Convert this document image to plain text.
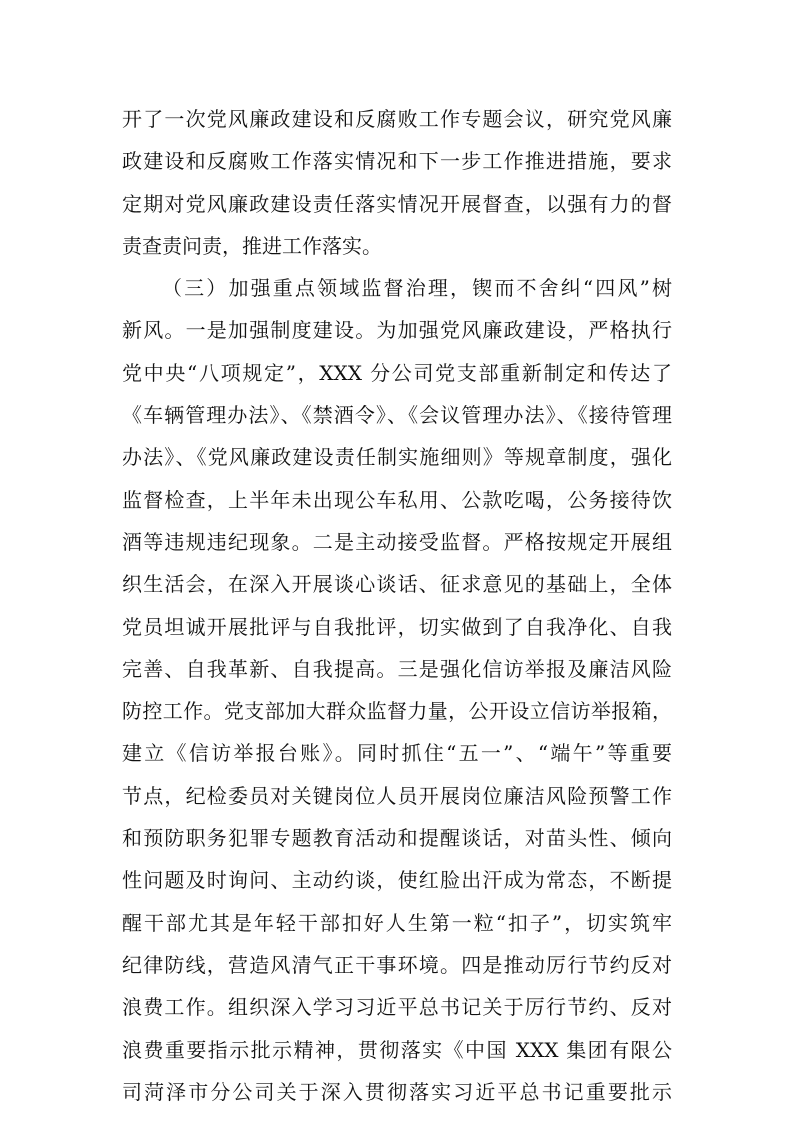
开了一次党风廉政建设和反腐败工作专题会议，研究党风廉
政建设和反腐败工作落实情况和下一步工作推进措施，要求
定期对党风廉政建设责任落实情况开展督查，以强有力的督
责查责问责，推进工作落实。
（三）加强重点领域监督治理，锲而不舍纠“四风”树
新风。一是加强制度建设。为加强党风廉政建设，严格执行
党中央“八项规定”，XXX 分公司党支部重新制定和传达了
《车辆管理办法》、《禁酒令》、《会议管理办法》、《接待管理
办法》、《党风廉政建设责任制实施细则》等规章制度，强化
监督检查，上半年未出现公车私用、公款吃喝，公务接待饮
酒等违规违纪现象。二是主动接受监督。严格按规定开展组
织生活会，在深入开展谈心谈话、征求意见的基础上，全体
党员坦诚开展批评与自我批评，切实做到了自我净化、自我
完善、自我革新、自我提高。三是强化信访举报及廉洁风险
防控工作。党支部加大群众监督力量，公开设立信访举报箱，
建立《信访举报台账》。同时抓住“五一”、“端午”等重要
节点，纪检委员对关键岗位人员开展岗位廉洁风险预警工作
和预防职务犯罪专题教育活动和提醒谈话，对苗头性、倾向
性问题及时询问、主动约谈，使红脸出汗成为常态，不断提
醒干部尤其是年轻干部扣好人生第一粒“扣子”，切实筑牢
纪律防线，营造风清气正干事环境。四是推动厉行节约反对
浪费工作。组织深入学习习近平总书记关于厉行节约、反对
浪费重要指示批示精神，贯彻落实《中国 XXX 集团有限公
司菏泽市分公司关于深入贯彻落实习近平总书记重要批示
